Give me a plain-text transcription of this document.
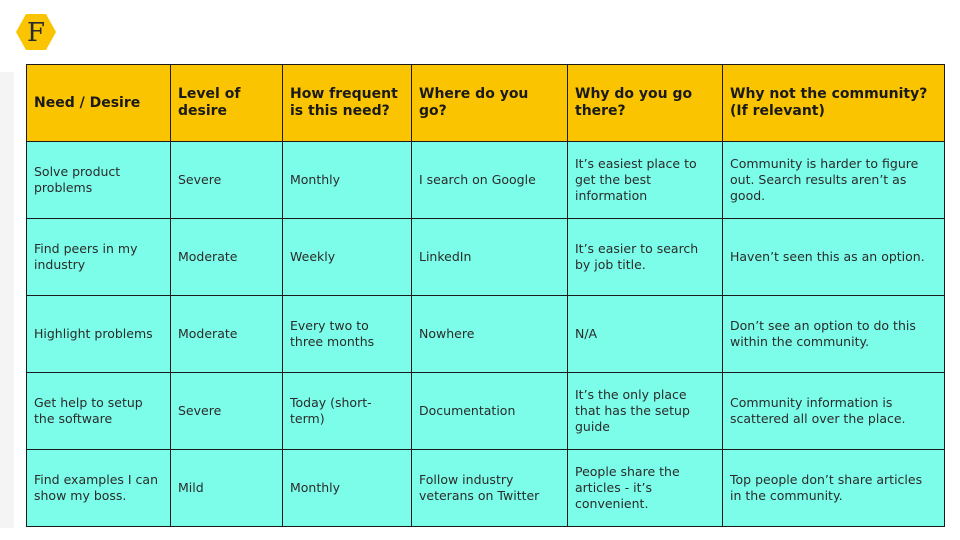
F
Need / Desire	Level of desire	How frequent is this need?	Where do you go?	Why do you go there?	Why not the community? (If relevant)
Solve product problems	Severe	Monthly	I search on Google	It’s easiest place to get the best information	Community is harder to figure out. Search results aren’t as good.
Find peers in my industry	Moderate	Weekly	LinkedIn	It’s easier to search by job title.	Haven’t seen this as an option.
Highlight problems	Moderate	Every two to three months	Nowhere	N/A	Don’t see an option to do this within the community.
Get help to setup the software	Severe	Today (short-term)	Documentation	It’s the only place that has the setup guide	Community information is scattered all over the place.
Find examples I can show my boss.	Mild	Monthly	Follow industry veterans on Twitter	People share the articles - it’s convenient.	Top people don’t share articles in the community.
